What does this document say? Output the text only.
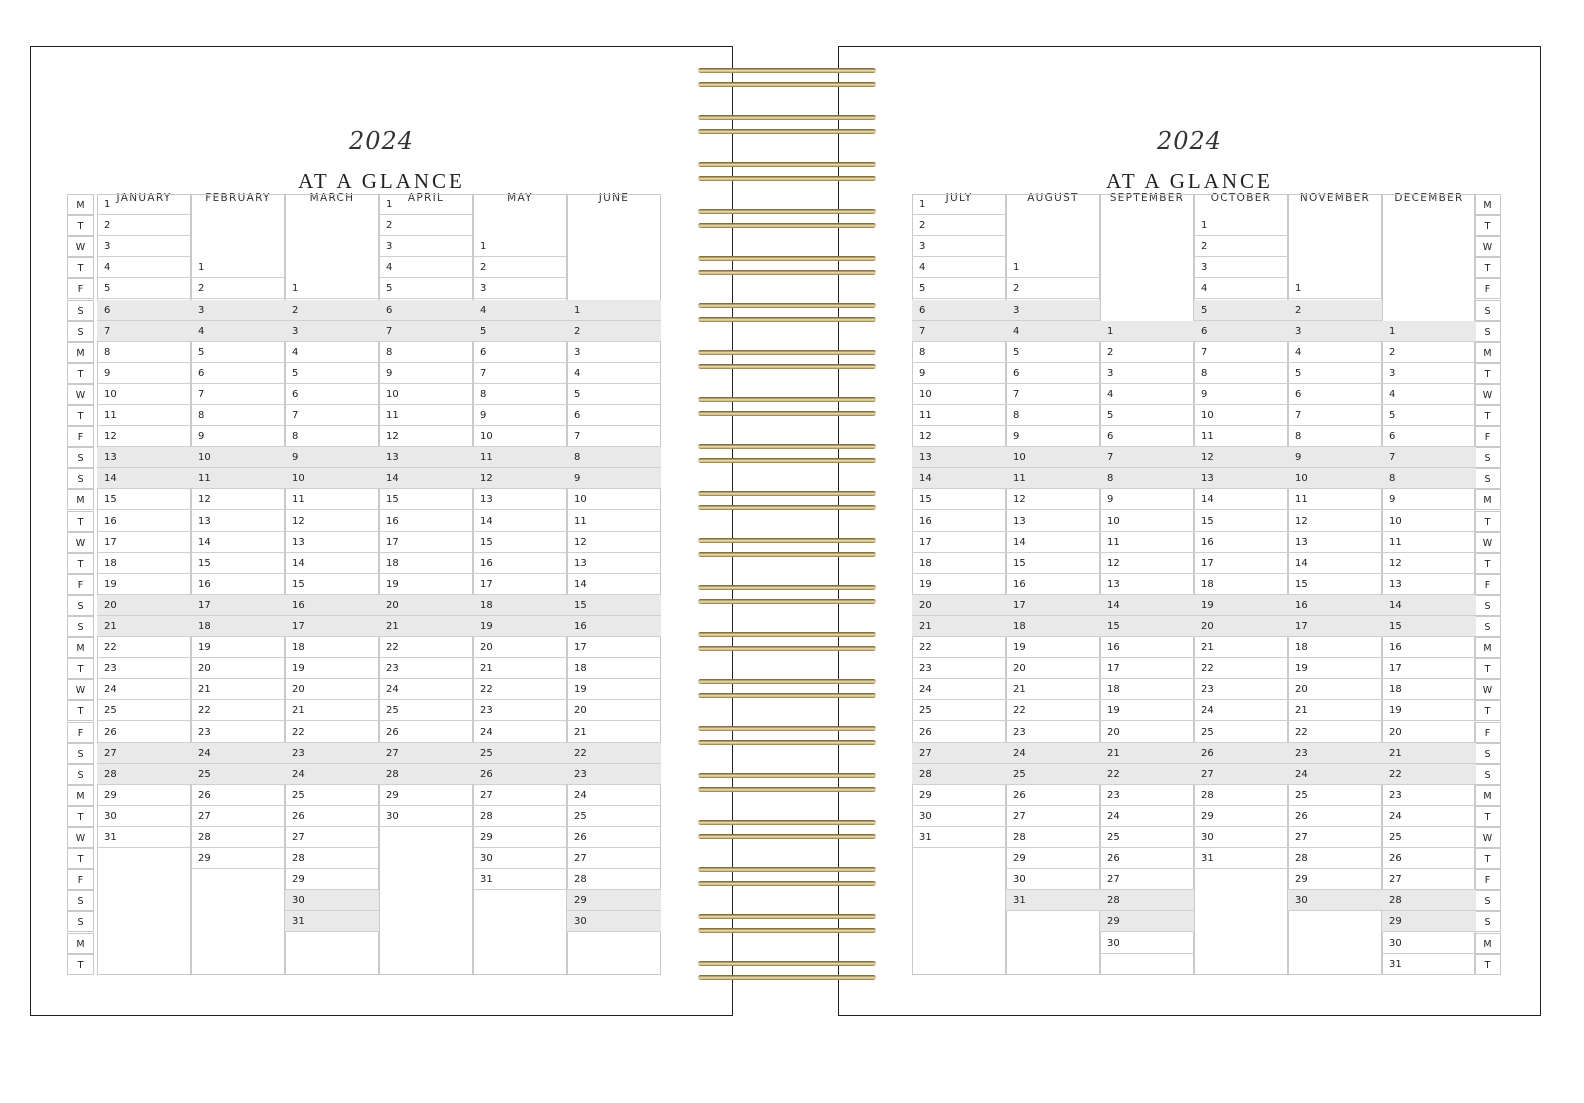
2024
AT A GLANCE
2024
AT A GLANCE
M
T
W
T
F
S
S
M
T
W
T
F
S
S
M
T
W
T
F
S
S
M
T
W
T
F
S
S
M
T
W
T
F
S
S
M
T
JANUARY
1
2
3
4
5
6
7
8
9
10
11
12
13
14
15
16
17
18
19
20
21
22
23
24
25
26
27
28
29
30
31
FEBRUARY
1
2
3
4
5
6
7
8
9
10
11
12
13
14
15
16
17
18
19
20
21
22
23
24
25
26
27
28
29
MARCH
1
2
3
4
5
6
7
8
9
10
11
12
13
14
15
16
17
18
19
20
21
22
23
24
25
26
27
28
29
30
31
APRIL
1
2
3
4
5
6
7
8
9
10
11
12
13
14
15
16
17
18
19
20
21
22
23
24
25
26
27
28
29
30
MAY
1
2
3
4
5
6
7
8
9
10
11
12
13
14
15
16
17
18
19
20
21
22
23
24
25
26
27
28
29
30
31
JUNE
1
2
3
4
5
6
7
8
9
10
11
12
13
14
15
16
17
18
19
20
21
22
23
24
25
26
27
28
29
30
M
T
W
T
F
S
S
M
T
W
T
F
S
S
M
T
W
T
F
S
S
M
T
W
T
F
S
S
M
T
W
T
F
S
S
M
T
JULY
1
2
3
4
5
6
7
8
9
10
11
12
13
14
15
16
17
18
19
20
21
22
23
24
25
26
27
28
29
30
31
AUGUST
1
2
3
4
5
6
7
8
9
10
11
12
13
14
15
16
17
18
19
20
21
22
23
24
25
26
27
28
29
30
31
SEPTEMBER
1
2
3
4
5
6
7
8
9
10
11
12
13
14
15
16
17
18
19
20
21
22
23
24
25
26
27
28
29
30
OCTOBER
1
2
3
4
5
6
7
8
9
10
11
12
13
14
15
16
17
18
19
20
21
22
23
24
25
26
27
28
29
30
31
NOVEMBER
1
2
3
4
5
6
7
8
9
10
11
12
13
14
15
16
17
18
19
20
21
22
23
24
25
26
27
28
29
30
DECEMBER
1
2
3
4
5
6
7
8
9
10
11
12
13
14
15
16
17
18
19
20
21
22
23
24
25
26
27
28
29
30
31
